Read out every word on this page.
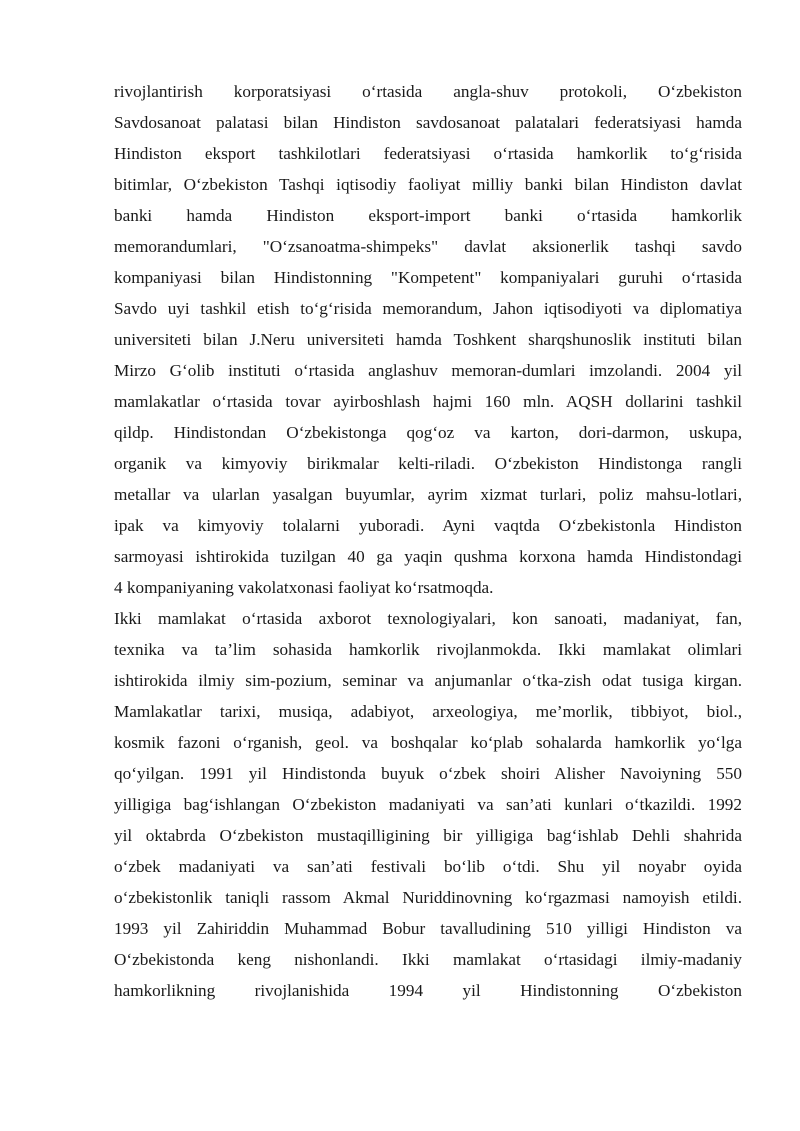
rivojlantirish korporatsiyasi o‘rtasida angla-shuv protokoli, O‘zbekiston
Savdosanoat palatasi bilan Hindiston savdosanoat palatalari federatsiyasi hamda
Hindiston eksport tashkilotlari federatsiyasi o‘rtasida hamkorlik to‘g‘risida
bitimlar, O‘zbekiston Tashqi iqtisodiy faoliyat milliy banki bilan Hindiston davlat
banki hamda Hindiston eksport-import banki o‘rtasida hamkorlik
memorandumlari, "O‘zsanoatma-shimpeks" davlat aksionerlik tashqi savdo
kompaniyasi bilan Hindistonning "Kompetent" kompaniyalari guruhi o‘rtasida
Savdo uyi tashkil etish to‘g‘risida memorandum, Jahon iqtisodiyoti va diplomatiya
universiteti bilan J.Neru universiteti hamda Toshkent sharqshunoslik instituti bilan
Mirzo G‘olib instituti o‘rtasida anglashuv memoran-dumlari imzolandi. 2004 yil
mamlakatlar o‘rtasida tovar ayirboshlash hajmi 160 mln. AQSH dollarini tashkil
qildp. Hindistondan O‘zbekistonga qog‘oz va karton, dori-darmon, uskupa,
organik va kimyoviy birikmalar kelti-riladi. O‘zbekiston Hindistonga rangli
metallar va ularlan yasalgan buyumlar, ayrim xizmat turlari, poliz mahsu-lotlari,
ipak va kimyoviy tolalarni yuboradi. Ayni vaqtda O‘zbekistonla Hindiston
sarmoyasi ishtirokida tuzilgan 40 ga yaqin qushma korxona hamda Hindistondagi
4 kompaniyaning vakolatxonasi faoliyat ko‘rsatmoqda.
Ikki mamlakat o‘rtasida axborot texnologiyalari, kon sanoati, madaniyat, fan,
texnika va ta’lim sohasida hamkorlik rivojlanmokda. Ikki mamlakat olimlari
ishtirokida ilmiy sim-pozium, seminar va anjumanlar o‘tka-zish odat tusiga kirgan.
Mamlakatlar tarixi, musiqa, adabiyot, arxeologiya, me’morlik, tibbiyot, biol.,
kosmik fazoni o‘rganish, geol. va boshqalar ko‘plab sohalarda hamkorlik yo‘lga
qo‘yilgan. 1991 yil Hindistonda buyuk o‘zbek shoiri Alisher Navoiyning 550
yilligiga bag‘ishlangan O‘zbekiston madaniyati va san’ati kunlari o‘tkazildi. 1992
yil oktabrda O‘zbekiston mustaqilligining bir yilligiga bag‘ishlab Dehli shahrida
o‘zbek madaniyati va san’ati festivali bo‘lib o‘tdi. Shu yil noyabr oyida
o‘zbekistonlik taniqli rassom Akmal Nuriddinovning ko‘rgazmasi namoyish etildi.
1993 yil Zahiriddin Muhammad Bobur tavalludining 510 yilligi Hindiston va
O‘zbekistonda keng nishonlandi. Ikki mamlakat o‘rtasidagi ilmiy-madaniy
hamkorlikning rivojlanishida 1994 yil Hindistonning O‘zbekiston
